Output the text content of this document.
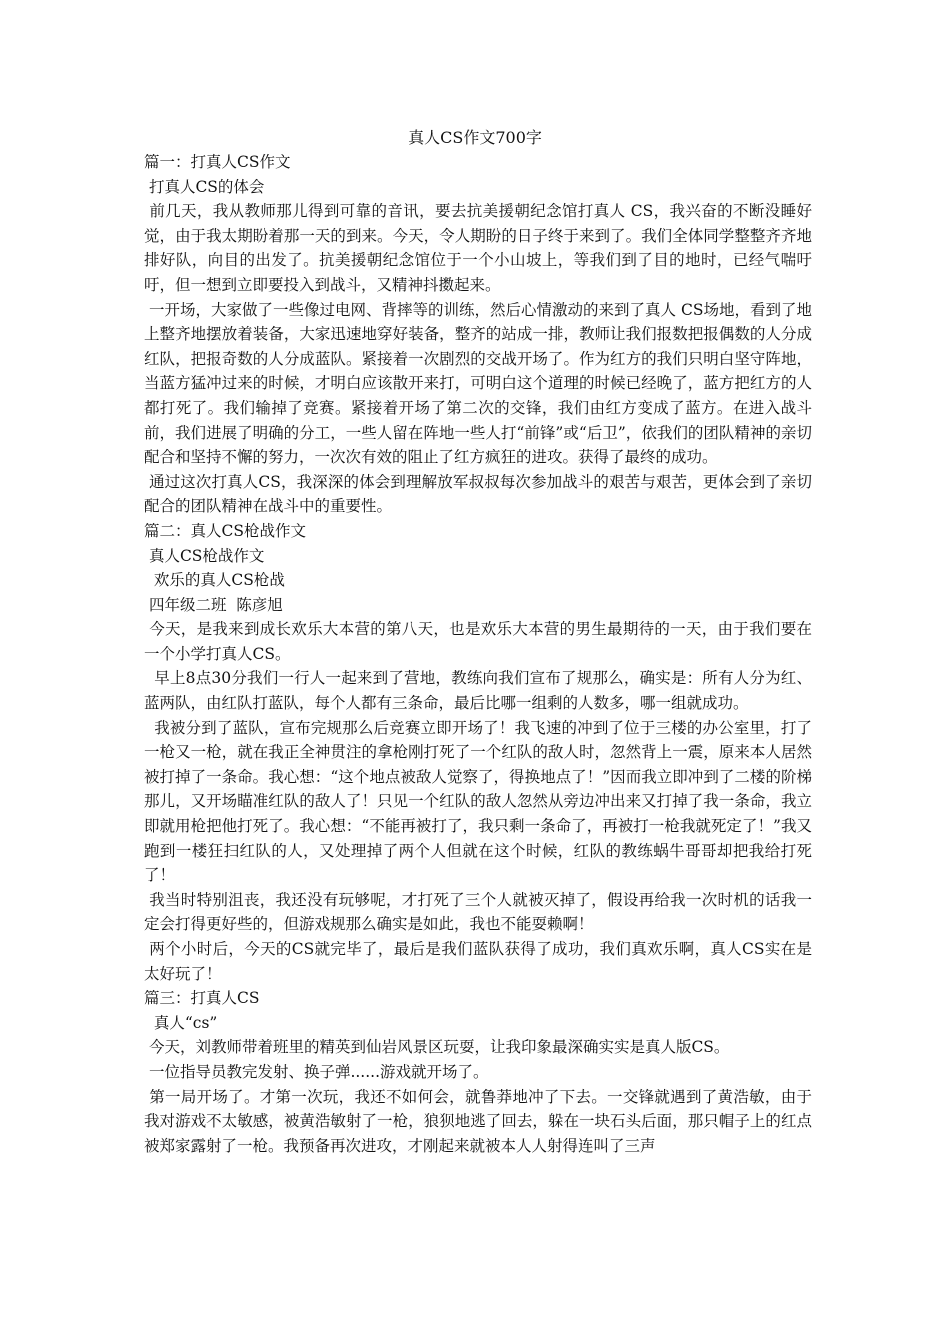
真人CS作文700字

篇一：打真人CS作文

打真人CS的体会

前几天，我从教师那儿得到可靠的音讯，要去抗美援朝纪念馆打真人 CS，我兴奋的不断没睡好觉，由于我太期盼着那一天的到来。今天，令人期盼的日子终于来到了。我们全体同学整整齐齐地排好队，向目的出发了。抗美援朝纪念馆位于一个小山坡上，等我们到了目的地时，已经气喘吁吁，但一想到立即要投入到战斗，又精神抖擞起来。

一开场，大家做了一些像过电网、背摔等的训练，然后心情激动的来到了真人 CS场地，看到了地上整齐地摆放着装备，大家迅速地穿好装备，整齐的站成一排，教师让我们报数把报偶数的人分成红队，把报奇数的人分成蓝队。紧接着一次剧烈的交战开场了。作为红方的我们只明白坚守阵地，当蓝方猛冲过来的时候，才明白应该散开来打，可明白这个道理的时候已经晚了，蓝方把红方的人都打死了。我们输掉了竞赛。紧接着开场了第二次的交锋，我们由红方变成了蓝方。在进入战斗前，我们进展了明确的分工，一些人留在阵地一些人打“前锋”或“后卫”，依我们的团队精神的亲切配合和坚持不懈的努力，一次次有效的阻止了红方疯狂的进攻。获得了最终的成功。

通过这次打真人CS，我深深的体会到理解放军叔叔每次参加战斗的艰苦与艰苦，更体会到了亲切配合的团队精神在战斗中的重要性。

篇二：真人CS枪战作文

真人CS枪战作文

欢乐的真人CS枪战

四年级二班  陈彦旭

今天，是我来到成长欢乐大本营的第八天，也是欢乐大本营的男生最期待的一天，由于我们要在一个小学打真人CS。

早上8点30分我们一行人一起来到了营地，教练向我们宣布了规那么，确实是：所有人分为红、蓝两队，由红队打蓝队，每个人都有三条命，最后比哪一组剩的人数多，哪一组就成功。

我被分到了蓝队，宣布完规那么后竞赛立即开场了！我飞速的冲到了位于三楼的办公室里，打了一枪又一枪，就在我正全神贯注的拿枪刚打死了一个红队的敌人时，忽然背上一震，原来本人居然被打掉了一条命。我心想：“这个地点被敌人觉察了，得换地点了！”因而我立即冲到了二楼的阶梯那儿，又开场瞄准红队的敌人了！只见一个红队的敌人忽然从旁边冲出来又打掉了我一条命，我立即就用枪把他打死了。我心想：“不能再被打了，我只剩一条命了，再被打一枪我就死定了！”我又跑到一楼狂扫红队的人，又处理掉了两个人但就在这个时候，红队的教练蜗牛哥哥却把我给打死了！

我当时特别沮丧，我还没有玩够呢，才打死了三个人就被灭掉了，假设再给我一次时机的话我一定会打得更好些的，但游戏规那么确实是如此，我也不能耍赖啊！

两个小时后，今天的CS就完毕了，最后是我们蓝队获得了成功，我们真欢乐啊，真人CS实在是太好玩了！

篇三：打真人CS

真人“cs”

今天，刘教师带着班里的精英到仙岩风景区玩耍，让我印象最深确实实是真人版CS。

一位指导员教完发射、换子弹......游戏就开场了。

第一局开场了。才第一次玩，我还不如何会，就鲁莽地冲了下去。一交锋就遇到了黄浩敏，由于我对游戏不太敏感，被黄浩敏射了一枪，狼狈地逃了回去，躲在一块石头后面，那只帽子上的红点被郑家露射了一枪。我预备再次进攻，才刚起来就被本人人射得连叫了三声
